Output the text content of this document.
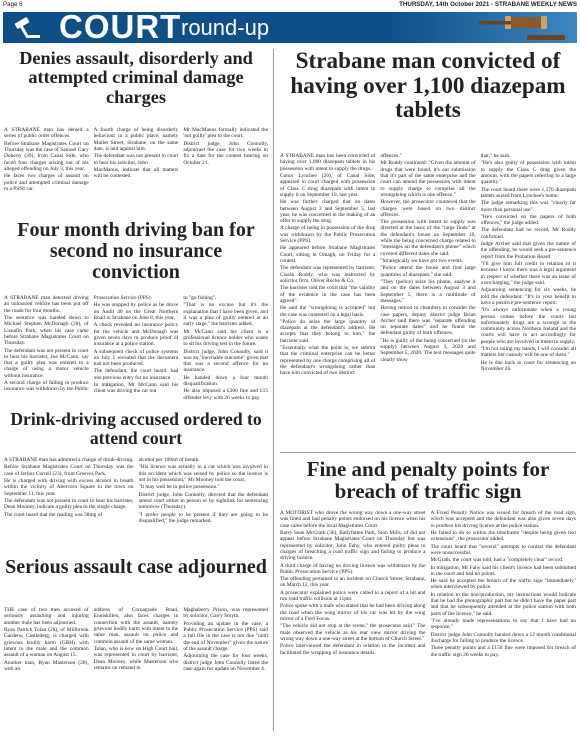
Page 6	THURSDAY, 14th October 2021 - STRABANE WEEKLY NEWS
COURT round-up
Denies assault, disorderly and attempted criminal damage charges

A STRABANE man has denied a series of public order offences.

Before Strabane Magistrates Court on Thursday was the case of Samuel Gary Doherty (39), from Canal Side, who faced four charges arising out of his alleged offending on July 3, this year.

He faces two charges of assault on police and attempted criminal damage to a PSNI car.

A fourth charge of being disorderly behaviour in a public place, namely Mullet Street, Strabane, on the same date, is laid against him.

The defendant was not present in court to hear his solicitor, John

MacManus, indicate that all matters will be contested.

Mr MacManus formally indicated the 'not guilty' plea to the court.

District judge, John Connolly, adjourned the case for two weeks to fix a date for the contest hearing on October 21.

Four month driving ban for second no insurance conviction

A STRABANE man detected driving an uninsured vehicle has been put off the roads for four months.

The sentence was handed down to Michael Stephen McDonagh (28), of Lisnafin Park, when his case came before Strabane Magistrates Court on Thursday.

The defendant was not present in court to hear his barrister, Joe McCann, say that a guilty plea was entered to a charge of using a motor vehicle without insurance.

A second charge of failing to produce insurance was withdrawn by the Public

Prosecution Service (PPS).

He was stopped by police as he drove on Audit 40 on the Great Northern Road in Strabane on June 8, this year.

A check revealed no insurance policy for the vehicle and McDonagh was given seven days to produce proof of insurance at a police station.

A subsequent check of police systems on July 1 revealed that the document had not been produced.

The defendant, the court heard, had one previous entry for no insurance.

In mitigation, Mr McCann said his client was driving the car out

to "go fishing".

"That is no excuse but it's the explanation that I have been given, and it was a plea of guilty entered at an early stage," the barrister added.

Mr McCann said his client is a professional licence holder who wants to sit his driving test in the future.

District judge, John Connolly, said it was an "inevitable outcome" given that this was a second offence for no insurance.

He handed down a four month disqualification.

He also imposed a £300 fine and £15 offender levy with 26 weeks to pay.

Drink-driving accused ordered to attend court

A STRABANE man has admitted a charge of drink-driving.

Before Strabane Magistrates Court on Thursday was the case of Jerlins Correll (23), from Greeves Park.

He is charged with driving with excess alcohol in breath within the vicinity of Abercorn Square in the town on September 11, this year.

The defendant was not present in court to hear his barrister, Dean Mooney, indicate a guilty plea to the single charge.

The court heard that the reading was 58mg of

alcohol per 100ml of breath.

"His licence was actually in a car which was involved in this accident which was seized by police so the licence is not in his possession," Mr Mooney told the court.

"It may well be in police possession."

District judge, John Connolly, directed that the defendant attend court either in person or by sightlink for sentencing tomorrow (Thursday).

"I prefer people to be present if they are going to be disqualified," the judge remarked.

Serious assault case adjourned

THE case of two men accused of seriously assaulting and injuring another male has been adjourned.

Ryan Patrick Tolan (28), of Millbrook Gardens, Castlederg, is charged with grievous bodily harm (GBH) with intent to the male and the common assault of a woman on August 15.

Another man, Ryan Masterson (28), with an

address of Cornagrade Road, Enniskillen, also faces charges in connection with the assault, namely grievous bodily harm with intent to the same man, assault on police and common assault of the same woman.

Tolan, who is now on High Court bail, was represented in court by barrister, Dean Mooney, while Masterson who remains on remand in

Maghaberry Prison, was represented by solicitor, Garry Smyth.

Providing an update in the case, a Public Prosecution Service (PPS) said a full file in the case is not due "until the end of November" given the nature of the assault charge.

Adjourning the case for four weeks, district judge John Connolly listed the case again for update on November 4.

Strabane man convicted of having over 1,100 diazepam tablets

A STRABANE man has been convicted of having over 1,000 diazepam tablets in his possession with intent to supply the drugs.

Conor Lynchee (20), of Canal Side, appeared in court charged with possession of Class C drug diazepam with intent to supply it on September 10, last year.

He was further charged that on dates between August 3 and September 5, last year, he was concerned in the making of an offer to supply the drug.

A charge of being in possession of the drug was withdrawn by the Public Prosecution Service (PPS).

He appeared before Strabane Magistrates Court, sitting in Omagh, on Friday for a contest.

The defendant was represented by barrister, Ciaran Roddy, who was instructed by solicitor firm, Oliver Roche & Co.

The barrister told the court that "the validity of the evidence in the case has been agreed".

He said the "wrongdoing is accepted" but the case was contested on a legal basis.

"Police do seize the large quantity of diazepam at the defendant's address. He accepts that they belong to him," the barrister said.

"Essentially what the point is, we submit that the criminal enterprise can be better represented by one charge comprising all of the defendant's wrongdoing rather than have him convicted of two distinct

offences."

Mr Roddy continued: "Given the amount of drugs that were found, it's our submission that it's part of the same enterprise and the court can amend the possession with intent to supply charge to comprise all the wrongdoing which is one offence."

However, the prosecutor countered that the charges were based on two distinct offences.

The possession with intent to supply was directed at the basis of the "large finds" at the defendant's house on September 10, while the being concerned charge related to "messages on the defendant's phone" which covered different dates she said.

"Strategically we have got two events.

"Police attend the house and find large quantities of diazepam," she said.

"They (police) seize his phone, analyse it and on the dates between August 3 and September 5, there is a multitude of messages."

Having retired to chambers to consider the case papers, deputy district judge Brian Archer said there was "separate offending on separate dates" and he found the defendant guilty of both offences.

"He is guilty of the being concerned (in the supply) between August 3, 2020 and September 5, 2020. The text messages quite clearly show

that," he said.

"He's also guilty of possession with intent to supply the Class C drug given the amount, with the papers referring to a large quantity."

The court heard there were 1,176 diazepam tablets seized from Lynchee's home.

The judge remarking this was "clearly far more than personal use".

"He's convicted on the papers of both offences," the judge added.

The defendant had no record, Mr Roddy confirmed.

Judge Archer said that given the nature of the offending, he would seek a pre-sentence report from the Probation Board.

"I'll give him full credit in relation to it because I know there was a legal argument in respect of whether there was an issue of overcharging," the judge said.

Adjourning sentencing for six weeks, he told the defendant: "It's in your benefit to have a positive pre-sentence report.

"It's always unfortunate when a young person comes before the courts but unfortunately drugs are a scourge in the community across Northern Ireland and the courts will have to act accordingly for people who are involved in intent to supply.

"I'm not ruling my hands, I will consider all matters but custody will be one of them."

He is due back in court for sentencing on November 26.

Fine and penalty points for breach of traffic sign

A MOTORIST who drove the wrong way down a one-way street was fined and had penalty points endorsed on his licence when his case came before the local Magistrates Court.

Barry Sean McGrath (36), Ballyfatten Park, Sion Mills, of did not appear before Strabane Magistrates Court on Thursday but was represented by solicitor, John Fahy, who entered guilty pleas to charges of breaching a road traffic sign and failing to produce a driving licence.

A third charge of having no driving licence was withdrawn by the Public Prosecution Service (PPS).

The offending pertained to an incident on Church Street, Strabane, on March 12, this year.

A prosecutor explained police were called to a report of a hit and run road traffic collision at 11pm.

Police spoke with a male who stated that he had been driving along the road when the wing mirror of his car was hit by the wing mirror of a Ford Focus.

"The vehicle did not stop at the scene," the prosecutor said." The male observed the vehicle as his rear view mirror driving the wrong way down a one-way street at the bottom of Church Street."

Police interviewed the defendant in relation to the incident and facilitated the wrapping of insurance details.

A Fixed Penalty Notice was issued for breach of the road sign, which was accepted and the defendant was also given seven days to produce his driving licence at the police station.

He failed to do so within the timeframe "despite being given two extensions", the prosecutor added.

The court heard that "several" attempts to contact the defendant were unsuccessful.

McGrath, the court was told, had a "completely clear" record.

In mitigation, Mr Fahy said his client's licence had been submitted to the court and had no points.

He said he accepted the breach of the traffic sign "immediately" when interviewed by police.

In relation to the non-production, my instructions would indicate that he had the photographic part but he didn't have the paper part and that he subsequently attended at the police station with both parts of the licence," he said.

"I've already made representations to say that I have had no response."

District judge John Connolly handed down a 12 month conditional discharge for failing to produce the licence.

Three penalty points and a £150 fine were imposed for breach of the traffic sign 26 weeks to pay.
